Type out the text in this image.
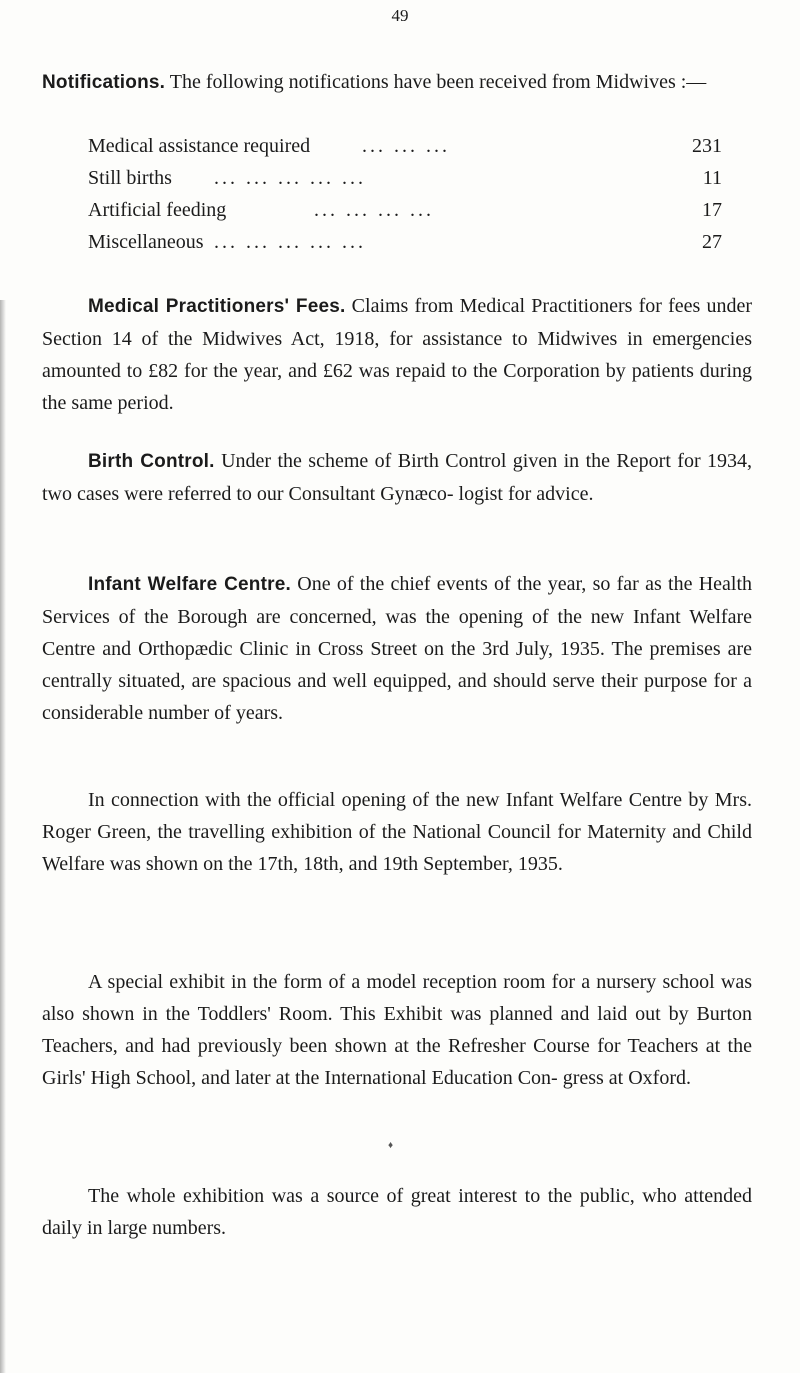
49
Notifications. The following notifications have been received from Midwives :—
Medical assistance required	... ... ...	231
Still births ... ... ... ... ...	11
Artificial feeding	... ... ... ...	17
Miscellaneous ... ... ... ... ...	27
Medical Practitioners' Fees. Claims from Medical Practitioners for fees under Section 14 of the Midwives Act, 1918, for assistance to Midwives in emergencies amounted to £82 for the year, and £62 was repaid to the Corporation by patients during the same period.
Birth Control. Under the scheme of Birth Control given in the Report for 1934, two cases were referred to our Consultant Gynæco- logist for advice.
Infant Welfare Centre. One of the chief events of the year, so far as the Health Services of the Borough are concerned, was the opening of the new Infant Welfare Centre and Orthopædic Clinic in Cross Street on the 3rd July, 1935. The premises are centrally situated, are spacious and well equipped, and should serve their purpose for a considerable number of years.
In connection with the official opening of the new Infant Welfare Centre by Mrs. Roger Green, the travelling exhibition of the National Council for Maternity and Child Welfare was shown on the 17th, 18th, and 19th September, 1935.
A special exhibit in the form of a model reception room for a nursery school was also shown in the Toddlers' Room. This Exhibit was planned and laid out by Burton Teachers, and had previously been shown at the Refresher Course for Teachers at the Girls' High School, and later at the International Education Con- gress at Oxford.
The whole exhibition was a source of great interest to the public, who attended daily in large numbers.
♦
